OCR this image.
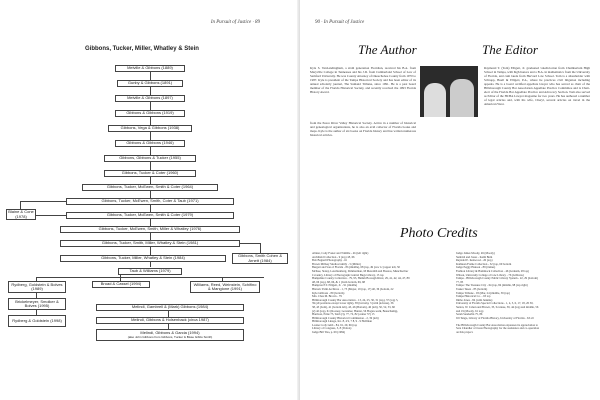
In Pursuit of Justice · 89
Gibbons, Tucker, Miller, Whatley & Stein
Melville & Gibbons (1889)
Gunby & Gibbons (1891)
Melville & Gibbons (1897)
Gibbons & Gibbons (1919)
Gibbons, Vega & Gibbons (1938)
Gibbons & Gibbons (1946)
Gibbons, Gibbons & Tucker (1955)
Gibbons, Tucker & Coter (1960)
Gibbons, Tucker, McEwen, Smith & Coter (1964)
Gibbons, Tucker, McEwen, Smith, Coter & Taub (1971)
Blaine & Cone (1978)	Gibbons, Tucker, McEwen, Smith & Coter (1979)
Gibbons, Tucker, McEwen, Smith, Miller & Whatley (1976)
Gibbons, Tucker, Smith, Miller, Whatley & Stein (1981)
Gibbons, Smith Cohen & Arnett (1984)
Gibbons, Tucker, Miller, Whatley & Stein (1984)
Taub & Williams (1979)
Rydberg, Goldstein & Bolves (1989)
Broad & Cassel (1994)	Williams, Reed, Weinstein, Schifino & Mangione (1991)
Brickelmeyer, Smolker & Bolves (1995)	Melindi, Gambrell & (Mark) Gibbons (1984)
Rydberg & Goldstein (1998)	Melindi, Gibbons & Holsenback (circa 1987)
Melindi, Gibbons & Garcia (1994)
(also John Gibbons from Gibbons, Tucker & Bisse Gibbs Smith)
90 · In Pursuit of Justice
The Author	The Editor
Kyle S. VanLandingham, a sixth generation Floridian, received his B.A. from Maryville College in Tennessee and his J.D. from Cumberland School of Law of Samford University. He was County Attorney of Okeechobee County from 1970 to 1987. Kyle is president of the Tampa Historical Society and has been editor of its annual scholarly journal, The Sunland Tribune, since 1991. He is a past board member of the Florida Historical Society, and recently received the 1993 Florida History Award.
Raymond T. (Tom) Elligett, Jr. graduated valedictorian from Chamberlain High School in Tampa, with high honors and a B.A. in mathematics from the University of Florida, and cum laude from Harvard Law School. Tom is a shareholder with Schropp, Buell & Elligett, P.A., where he practices civil litigation including appeals. He is a board certified appellate lawyer who has served as chair of the Hillsborough County Bar Association Appellate Practice Committee and is Chair-elect of the Florida Bar Appellate Practice and Advocacy Section. Tom also served as Editor of the HCBA Lawyer magazine for two years. He has authored a number of legal articles and, with his wife, Cheryl, several articles on travel in the American West.
from the Peace River Valley Historical Society. Active in a number of historical and genealogical organizations, he is also an avid collector of Florida books and maps. Kyle is the author of six books on Florida history and has written numerous historical articles.
Photo Credits
Altizer, Cody Foster and Trimble - 4b (left right)
Archibald Collection - 9 (top) 18, 66
Bob Bagnall Photography - iii
Brown Millsey Studios family - 5 (Miller)
Burgert and Son of Florida - 8b (middle), 68 (top, 49 (row 1c) upper left, 50
McKee, Staley, Leuchtenberg, Zimmerman, M Meredith and Bouzos, Munchwriter
Coventry, Library of Photograph Central Bugs Library, 15 top
Hampshire County Collection - 79, 93, Hamm Borough River, 29, 41, 42, 44, 47, 89
48, 66 (top), 68, 66, & 1 (from bottom, 69, 68
Hampton P.T. Elligett, Jr. - 91 (middle)
Historic Palm Archives - 1, 75 (Mayer, 19 (top, 17) 40, 36 (bottom, 22
Kyle Gibbons - 89 (bottom)
Mrs. Chas M. Brown - 79
Hillsborough County Bar Association - 13, 24, 25, 30, 31 (top), 37 (top) 5,
39 (all positions except lower right), 38 (bottom), 3 (with pictures), 36
38, 43 (both), 41 (bottom left), 43, 46 (Bottom), 46 (left), 50, 52, 53, 60
(2) 42 (top), 61 (Rooney, Gonzalez, Hunter, 56 Hogan-walk, Beauchamp),
Harrison, Pride 75, Tenb (3), 77, 72, 82 (center 57) 15
Hillsborough County Historical Commission - 2, 39 (left)
Hillsborough Linage, Inc. 8, 4 9, 7 8, 9 - 9 Hoffman
Louise Cody Gmb - 84, 91, 20, 66 (top
Library of Congress, 3, 8 (Yetton)
Judge Bill Tisa, p. 69 (1984)
Judge James Moody, 49 (Moody)
Sunbird and Jones - Keith Bem
Reynald E. Kenwood - 26 (top)
Kathleen Frame Collection - 52 (top, 69 bottom
Judge Peggy Hanson - 89 (James)
Fashion Library & Hammock Collection - 46 (Graham, 28 top)
Wilson, University College of Law Library - 76 (Gibbons)
Tampa - Hillsborough County Public Library System - 22, 29 (bottom)
77, 85
Tampa: The Treasure City - 64 (top, 84 (middle, 98 (top right)
Tasker Tasen - 85 (bottom)
Tampa Tribune - 93 (Mar, 24 (middle, 39 (top)
Tampa Historical Co. - 93 top
Ilmbe Jones - 84 (with Jenkins)
University of Florida Special Collections - 1, 4, 5, 6, 17, 18, 20 30,
Sutton, W. Cohen and Brown, 33, Scariese, 39, 44 (top) and middle, 56
and 19 (Moody, 61 top)
Sarah Sanderlin 75, 86
Jill Tanga, Library of Florida History, University of Florida - 63 all

The Hillsborough County Bar Association expresses its appreciation to
Sara Chandler of Jason Photography for the assistance and co-operation
on this project.
